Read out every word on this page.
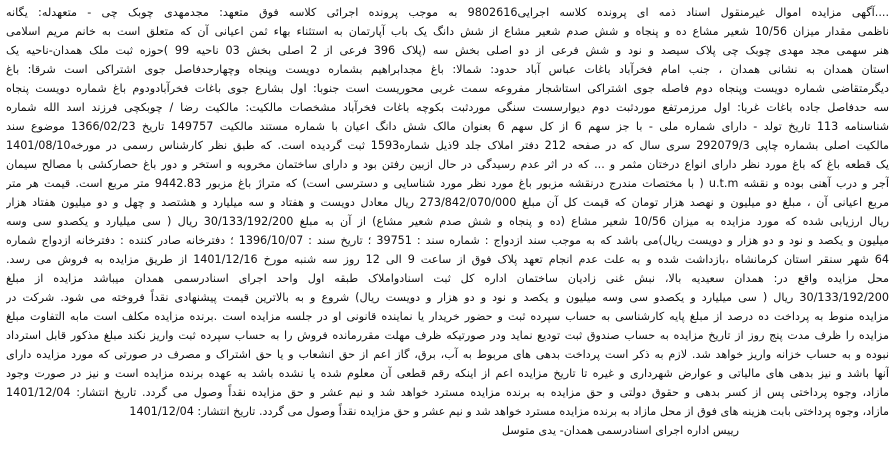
....آگهی مزایده اموال غیرمنقول اسناد ذمه ای پرونده کلاسه اجرایی9802616 به موجب پرونده اجرائی کلاسه فوق متعهد: مجدمهدی چوبک چی - متعهدله: یگانه
ناظمی مقدار میزان 10/56 شعیر مشاع ده و پنجاه و شش صدم شعیر مشاع از شش دانگ یک باب آپارتمان به استثناء بهاء ثمن اعیانی آن که متعلق است به خانم مریم اسلامی
هنر سهمی مجد مهدی چوبک چی پلاک سیصد و نود و شش فرعی از دو اصلی بخش سه (پلاک 396 فرعی از 2 اصلی بخش 03 ناحیه 99 )حوزه ثبت ملک همدان-ناحیه یک
استان همدان به نشانی همدان ، جنب امام فخرآباد باغات عباس آباد حدود: شمالا: باغ مجدابراهیم بشماره دویست وپنجاه وچهارحدفاصل جوی اشتراکی است شرقا: باغ
دیگرمتقاضی شماره دویست وپنجاه دوم فاصله جوی اشتراکی استاشجار مفروعه سمت غربی محوریست است جنوبا: اول بشارع جوی باغات فخرآبادودوم باغ شماره دویست پنجاه
سه حدفاصل جاده باغات غربا: اول مرزمرتفع موردثبت دوم دیوارسست سنگی موردثبت بکوچه باغات فخرآباد مشخصات مالکیت: مالکیت رضا / چوبکچی فرزند اسد الله شماره
شناسنامه 113 تاریخ تولد - دارای شماره ملی - با جز سهم 6 از کل سهم 6 بعنوان مالک شش دانگ اعیان با شماره مستند مالکیت 149757 تاریخ 1366/02/23 موضوع سند
مالکیت اصلی بشماره چاپی 292079/3 سری سال که در صفحه 212 دفتر املاک جلد 9ذیل شماره1593 ثبت گردیده است. که طبق نظر کارشناس رسمی در مورخه1401/08/10
یک قطعه باغ که باغ مورد نظر دارای انواع درختان مثمر و ... که در اثر عدم رسیدگی در حال ازبین رفتن بود و دارای ساختمان مخروبه و استخر و دور باغ حصارکشی با مصالح سیمان
آجر و درب آهنی بوده و نقشه u.t.m ( با مختصات مندرج درنقشه مزبور باغ مورد نظر مورد شناسایی و دسترسی است) که متراژ باغ مزبور 9442.83 متر مربع است. قیمت هر متر
مربع اعیانی آن ، مبلغ دو میلیون و نهصد هزار تومان که قیمت کل آن مبلغ 273/842/070/000 ریال معادل دویست و هفتاد و سه میلیارد و هشتصد و چهل و دو میلیون هفتاد هزار
ریال ارزیابی شده که مورد مزایده به میزان 10/56 شعیر مشاع (ده و پنجاه و شش صدم شعیر مشاع) از آن به مبلغ 30/133/192/200 ریال ( سی میلیارد و یکصدو سی وسه
میلیون و یکصد و نود و دو هزار و دویست ریال)می باشد که به موجب سند ازدواج : شماره سند : 39751 ؛ تاریخ سند : 1396/10/07 ؛ دفترخانه صادر کننده : دفترخانه ازدواج شماره
64 شهر سنقر استان کرمانشاه ،بازداشت شده و به علت عدم انجام تعهد پلاک فوق از ساعت 9 الی 12 روز سه شنبه مورخ 1401/12/16 از طریق مزایده به فروش می رسد.
محل مزایده واقع در: همدان سعیدیه بالا، نبش غنی زادیان ساختمان اداره کل ثبت اسنادواملاک طبقه اول واحد اجرای اسنادرسمی همدان میباشد مزایده از مبلغ
30/133/192/200 ریال ( سی میلیارد و یکصدو سی وسه میلیون و یکصد و نود و دو هزار و دویست ریال) شروع و به بالاترین قیمت پیشنهادی نقداً فروخته می شود. شرکت در
مزایده منوط به پرداخت ده درصد از مبلغ پایه کارشناسی به حساب سپرده ثبت و حضور خریدار یا نماینده قانونی او در جلسه مزایده است .برنده مزایده مکلف است مابه التفاوت مبلغ
مزایده را ظرف مدت پنج روز از تاریخ مزایده به حساب صندوق ثبت تودیع نماید ودر صورتیکه ظرف مهلت مقررمانده فروش را به حساب سپرده ثبت واریز نکند مبلغ مذکور قابل استرداد
نبوده و به حساب خزانه واریز خواهد شد. لازم به ذکر است پرداخت بدهی های مربوط به آب، برق، گاز اعم از حق انشعاب و یا حق اشتراک و مصرف در صورتی که مورد مزایده دارای
آنها باشد و نیز بدهی های مالیاتی و عوارض شهرداری و غیره تا تاریخ مزایده اعم از اینکه رقم قطعی آن معلوم شده یا نشده باشد به عهده برنده مزایده است و نیز در صورت وجود
مازاد، وجوه پرداختی پس از کسر بدهی و حقوق دولتی و حق مزایده به برنده مزایده مسترد خواهد شد و نیم عشر و حق مزایده نقداً وصول می گردد. تاریخ انتشار: 1401/12/04
مازاد، وجوه پرداختی بابت هزینه های فوق از محل مازاد به برنده مزایده مسترد خواهد شد و نیم عشر و حق مزایده نقداً وصول می گردد. تاریخ انتشار: 1401/12/04
رییس اداره اجرای اسنادرسمی همدان- یدی متوسل
